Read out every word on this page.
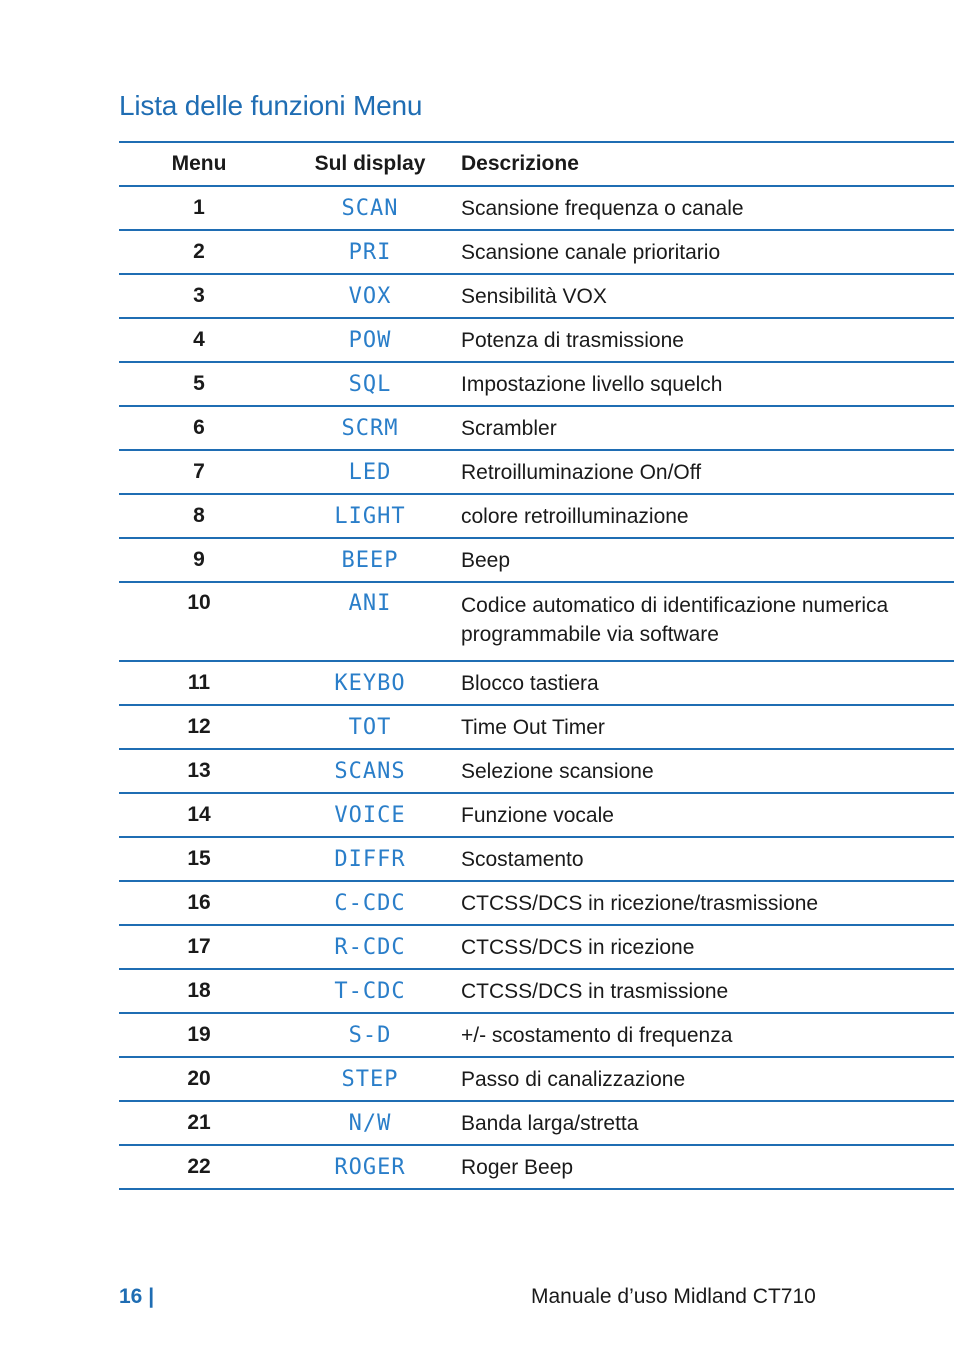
Lista delle funzioni Menu
Menu	Sul display	Descrizione
1	SCAN	Scansione frequenza o canale
2	PRI	Scansione canale prioritario
3	VOX	Sensibilità VOX
4	POW	Potenza di trasmissione
5	SQL	Impostazione livello squelch
6	SCRM	Scrambler
7	LED	Retroilluminazione On/Off
8	LIGHT	colore retroilluminazione
9	BEEP	Beep
10	ANI	Codice automatico di identificazione numerica programmabile via software
11	KEYBO	Blocco tastiera
12	TOT	Time Out Timer
13	SCANS	Selezione scansione
14	VOICE	Funzione vocale
15	DIFFR	Scostamento
16	C-CDC	CTCSS/DCS in ricezione/trasmissione
17	R-CDC	CTCSS/DCS in ricezione
18	T-CDC	CTCSS/DCS in trasmissione
19	S-D	+/- scostamento di frequenza
20	STEP	Passo di canalizzazione
21	N/W	Banda larga/stretta
22	ROGER	Roger Beep
16 |	Manuale d’uso Midland CT710
